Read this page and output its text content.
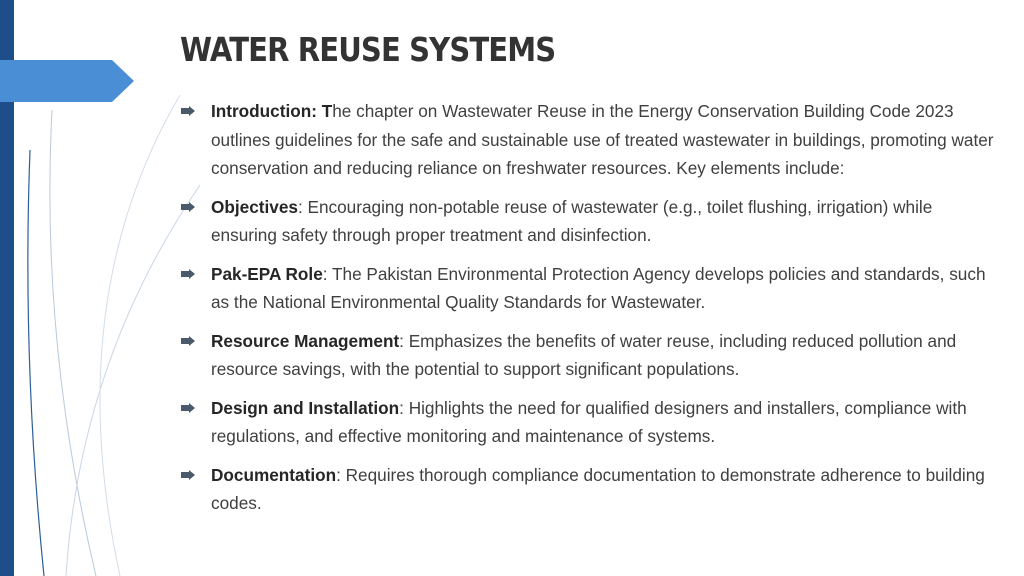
WATER REUSE SYSTEMS
Introduction: The chapter on Wastewater Reuse in the Energy Conservation Building Code 2023 outlines guidelines for the safe and sustainable use of treated wastewater in buildings, promoting water conservation and reducing reliance on freshwater resources. Key elements include:
Objectives: Encouraging non-potable reuse of wastewater (e.g., toilet flushing, irrigation) while ensuring safety through proper treatment and disinfection.
Pak-EPA Role: The Pakistan Environmental Protection Agency develops policies and standards, such as the National Environmental Quality Standards for Wastewater.
Resource Management: Emphasizes the benefits of water reuse, including reduced pollution and resource savings, with the potential to support significant populations.
Design and Installation: Highlights the need for qualified designers and installers, compliance with regulations, and effective monitoring and maintenance of systems.
Documentation: Requires thorough compliance documentation to demonstrate adherence to building codes.
